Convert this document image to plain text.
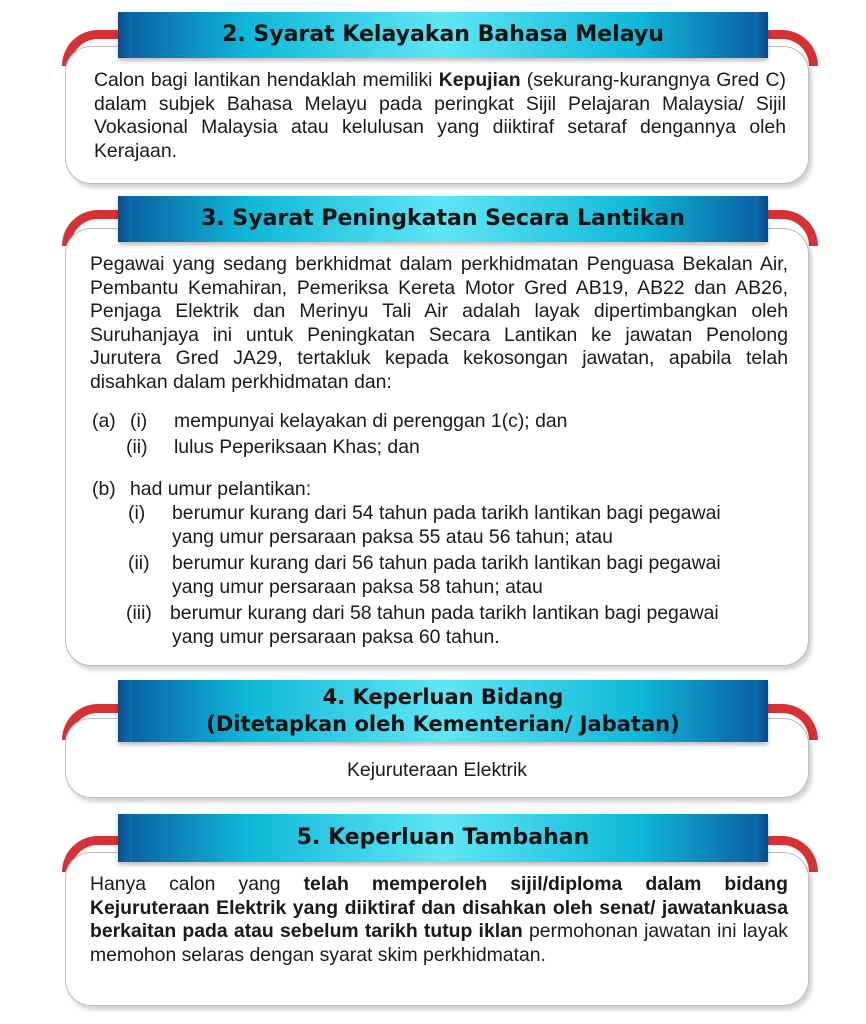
Calon bagi lantikan hendaklah memiliki Kepujian (sekurang-kurangnya Gred C) dalam subjek Bahasa Melayu pada peringkat Sijil Pelajaran Malaysia/ Sijil Vokasional Malaysia atau kelulusan yang diiktiraf setaraf dengannya oleh Kerajaan.
2. Syarat Kelayakan Bahasa Melayu
Pegawai yang sedang berkhidmat dalam perkhidmatan Penguasa Bekalan Air, Pembantu Kemahiran, Pemeriksa Kereta Motor Gred AB19, AB22 dan AB26, Penjaga Elektrik dan Merinyu Tali Air adalah layak dipertimbangkan oleh Suruhanjaya ini untuk Peningkatan Secara Lantikan ke jawatan Penolong Jurutera Gred JA29, tertakluk kepada kekosongan jawatan, apabila telah disahkan dalam perkhidmatan dan:
(a) (i) mempunyai kelayakan di perenggan 1(c); dan
(ii) lulus Peperiksaan Khas; dan
(b) had umur pelantikan:
(i) berumur kurang dari 54 tahun pada tarikh lantikan bagi pegawai
yang umur persaraan paksa 55 atau 56 tahun; atau
(ii) berumur kurang dari 56 tahun pada tarikh lantikan bagi pegawai
yang umur persaraan paksa 58 tahun; atau
(iii) berumur kurang dari 58 tahun pada tarikh lantikan bagi pegawai
yang umur persaraan paksa 60 tahun.
3. Syarat Peningkatan Secara Lantikan
Kejuruteraan Elektrik
4. Keperluan Bidang
(Ditetapkan oleh Kementerian/ Jabatan)
Hanya calon yang telah memperoleh sijil/diploma dalam bidang Kejuruteraan Elektrik yang diiktiraf dan disahkan oleh senat/ jawatankuasa berkaitan pada atau sebelum tarikh tutup iklan permohonan jawatan ini layak memohon selaras dengan syarat skim perkhidmatan.
5. Keperluan Tambahan
